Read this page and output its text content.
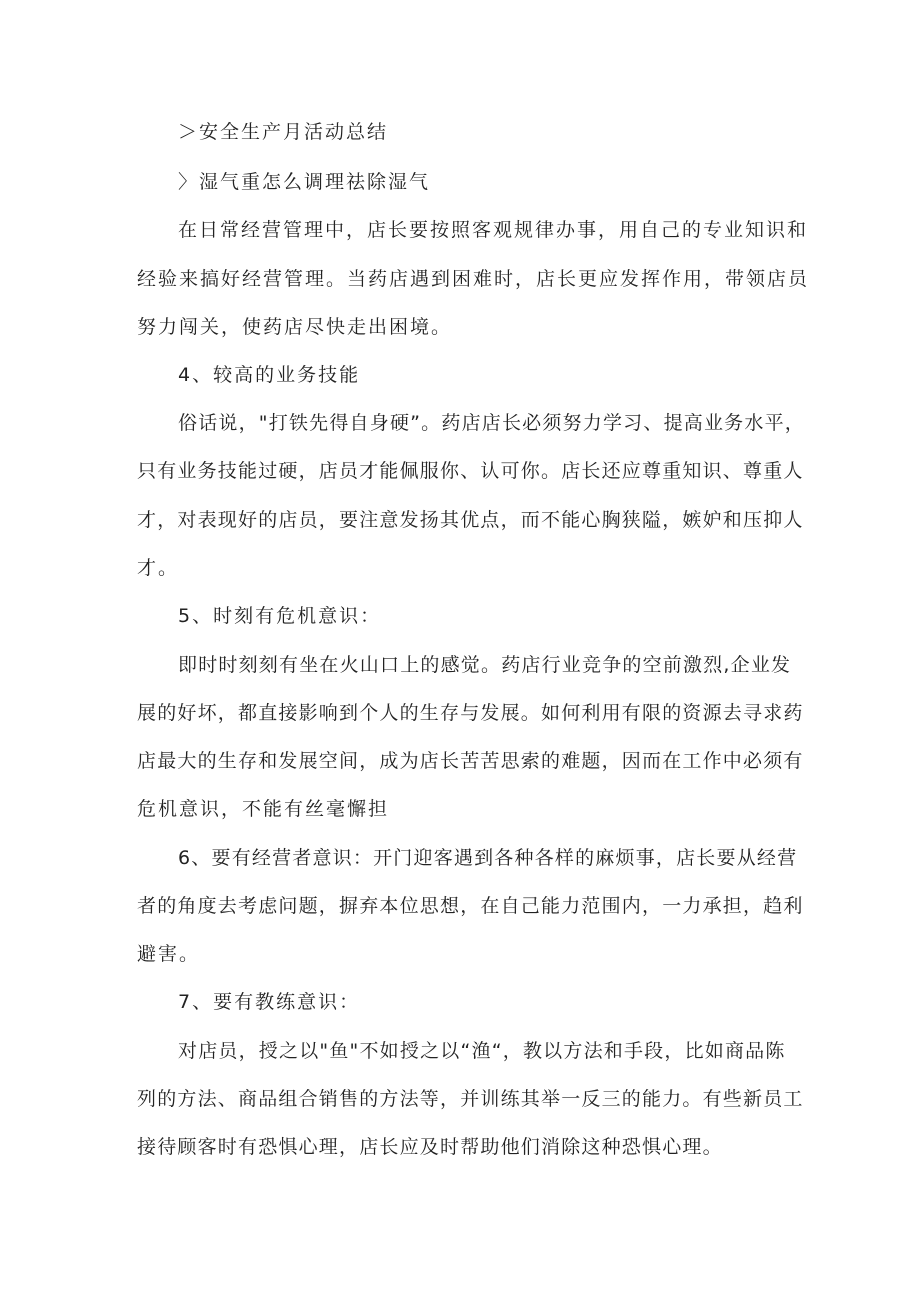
＞安全生产月活动总结
〉湿气重怎么调理祛除湿气
在日常经营管理中，店长要按照客观规律办事，用自己的专业知识和
经验来搞好经营管理。当药店遇到困难时，店长更应发挥作用，带领店员
努力闯关，使药店尽快走出困境。
4、较高的业务技能
俗话说，"打铁先得自身硬”。药店店长必须努力学习、提高业务水平，
只有业务技能过硬，店员才能佩服你、认可你。店长还应尊重知识、尊重人
才，对表现好的店员，要注意发扬其优点，而不能心胸狭隘，嫉妒和压抑人
才。
5、时刻有危机意识：
即时时刻刻有坐在火山口上的感觉。药店行业竞争的空前激烈,企业发
展的好坏，都直接影响到个人的生存与发展。如何利用有限的资源去寻求药
店最大的生存和发展空间，成为店长苦苦思索的难题，因而在工作中必须有
危机意识，不能有丝毫懈担
6、要有经营者意识：开门迎客遇到各种各样的麻烦事，店长要从经营
者的角度去考虑问题，摒弃本位思想，在自己能力范围内，一力承担，趋利
避害。
7、要有教练意识：
对店员，授之以"鱼"不如授之以“渔“，教以方法和手段，比如商品陈
列的方法、商品组合销售的方法等，并训练其举一反三的能力。有些新员工
接待顾客时有恐惧心理，店长应及时帮助他们消除这种恐惧心理。
